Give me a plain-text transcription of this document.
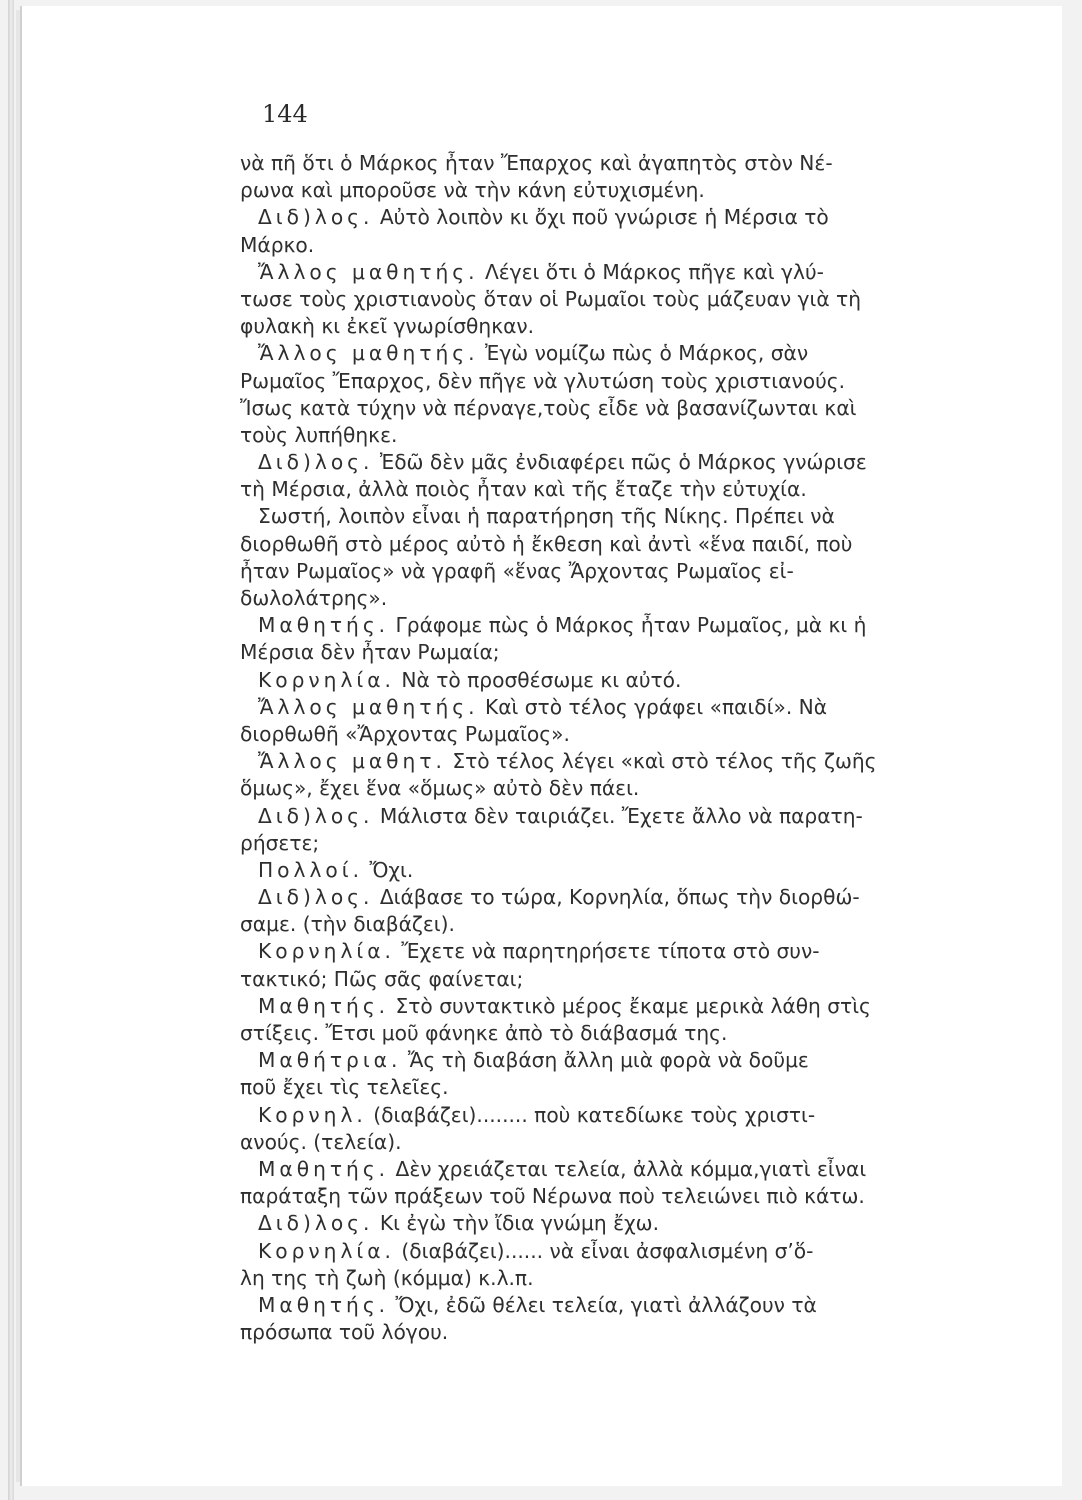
144
νὰ πῆ ὅτι ὁ Μάρκος ἦταν Ἔπαρχος καὶ ἀγαπητὸς στὸν Νέ-
ρωνα καὶ μποροῦσε νὰ τὴν κάνη εὐτυχισμένη.
Διδ)λος. Αὐτὸ λοιπὸν κι ὄχι ποῦ γνώρισε ἡ Μέρσια τὸ
Μάρκο.
Ἄλλος μαθητής. Λέγει ὅτι ὁ Μάρκος πῆγε καὶ γλύ-
τωσε τοὺς χριστιανοὺς ὅταν οἱ Ρωμαῖοι τοὺς μάζευαν γιὰ τὴ
φυλακὴ κι ἐκεῖ γνωρίσθηκαν.
Ἄλλος μαθητής. Ἐγὼ νομίζω πὼς ὁ Μάρκος, σὰν
Ρωμαῖος Ἔπαρχος, δὲν πῆγε νὰ γλυτώση τοὺς χριστιανούς.
Ἴσως κατὰ τύχην νὰ πέρναγε,τοὺς εἶδε νὰ βασανίζωνται καὶ
τοὺς λυπήθηκε.
Διδ)λος. Ἐδῶ δὲν μᾶς ἐνδιαφέρει πῶς ὁ Μάρκος γνώρισε
τὴ Μέρσια, ἀλλὰ ποιὸς ἦταν καὶ τῆς ἔταζε τὴν εὐτυχία.
Σωστή, λοιπὸν εἶναι ἡ παρατήρηση τῆς Νίκης. Πρέπει νὰ
διορθωθῆ στὸ μέρος αὐτὸ ἡ ἔκθεση καὶ ἀντὶ «ἕνα παιδί, ποὺ
ἦταν Ρωμαῖος» νὰ γραφῆ «ἕνας Ἄρχοντας Ρωμαῖος εἰ-
δωλολάτρης».
Μαθητής. Γράφομε πὼς ὁ Μάρκος ἦταν Ρωμαῖος, μὰ κι ἡ
Μέρσια δὲν ἦταν Ρωμαία;
Κορνηλία. Νὰ τὸ προσθέσωμε κι αὐτό.
Ἄλλος μαθητής. Καὶ στὸ τέλος γράφει «παιδί». Νὰ
διορθωθῆ «Ἄρχοντας Ρωμαῖος».
Ἄλλος μαθητ. Στὸ τέλος λέγει «καὶ στὸ τέλος τῆς ζωῆς
ὅμως», ἔχει ἕνα «ὅμως» αὐτὸ δὲν πάει.
Διδ)λος. Μάλιστα δὲν ταιριάζει. Ἔχετε ἄλλο νὰ παρατη-
ρήσετε;
Πολλοί. Ὄχι.
Διδ)λος. Διάβασε το τώρα, Κορνηλία, ὅπως τὴν διορθώ-
σαμε. (τὴν διαβάζει).
Κορνηλία. Ἔχετε νὰ παρητηρήσετε τίποτα στὸ συν-
τακτικό; Πῶς σᾶς φαίνεται;
Μαθητής. Στὸ συντακτικὸ μέρος ἔκαμε μερικὰ λάθη στὶς
στίξεις. Ἔτσι μοῦ φάνηκε ἀπὸ τὸ διάβασμά της.
Μαθήτρια. Ἄς τὴ διαβάση ἄλλη μιὰ φορὰ νὰ δοῦμε
ποῦ ἔχει τὶς τελεῖες.
Κορνηλ. (διαβάζει)........ ποὺ κατεδίωκε τοὺς χριστι-
ανούς. (τελεία).
Μαθητής. Δὲν χρειάζεται τελεία, ἀλλὰ κόμμα,γιατὶ εἶναι
παράταξη τῶν πράξεων τοῦ Νέρωνα ποὺ τελειώνει πιὸ κάτω.
Διδ)λος. Κι ἐγὼ τὴν ἴδια γνώμη ἔχω.
Κορνηλία. (διαβάζει)...... νὰ εἶναι ἀσφαλισμένη σ’ὅ-
λη της τὴ ζωὴ (κόμμα) κ.λ.π.
Μαθητής. Ὄχι, ἐδῶ θέλει τελεία, γιατὶ ἀλλάζουν τὰ
πρόσωπα τοῦ λόγου.
